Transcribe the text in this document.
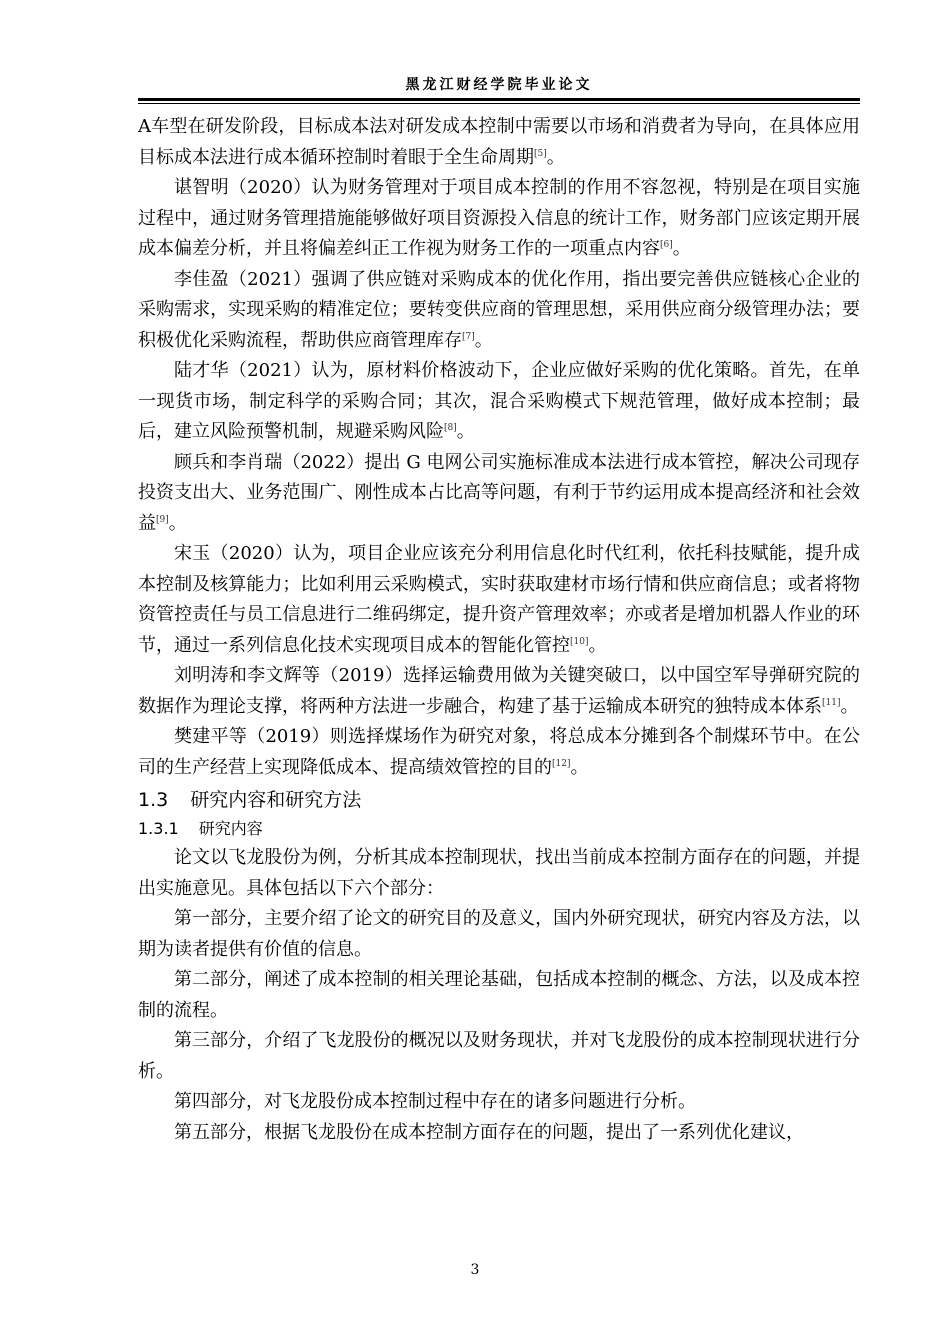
黑龙江财经学院毕业论文

A车型在研发阶段，目标成本法对研发成本控制中需要以市场和消费者为导向，在具体应用目标成本法进行成本循环控制时着眼于全生命周期[5]。

谌智明（2020）认为财务管理对于项目成本控制的作用不容忽视，特别是在项目实施过程中，通过财务管理措施能够做好项目资源投入信息的统计工作，财务部门应该定期开展成本偏差分析，并且将偏差纠正工作视为财务工作的一项重点内容[6]。

李佳盈（2021）强调了供应链对采购成本的优化作用，指出要完善供应链核心企业的采购需求，实现采购的精准定位；要转变供应商的管理思想，采用供应商分级管理办法；要积极优化采购流程，帮助供应商管理库存[7]。

陆才华（2021）认为，原材料价格波动下，企业应做好采购的优化策略。首先，在单一现货市场，制定科学的采购合同；其次，混合采购模式下规范管理，做好成本控制；最后，建立风险预警机制，规避采购风险[8]。

顾兵和李肖瑞（2022）提出 G 电网公司实施标准成本法进行成本管控，解决公司现存 投资支出大、业务范围广、刚性成本占比高等问题，有利于节约运用成本提高经济和社会效益[9]。

宋玉（2020）认为，项目企业应该充分利用信息化时代红利，依托科技赋能，提升成本控制及核算能力；比如利用云采购模式，实时获取建材市场行情和供应商信息；或者将物资管控责任与员工信息进行二维码绑定，提升资产管理效率；亦或者是增加机器人作业的环节，通过一系列信息化技术实现项目成本的智能化管控[10]。

刘明涛和李文辉等（2019）选择运输费用做为关键突破口，以中国空军导弹研究院的数据作为理论支撑，将两种方法进一步融合，构建了基于运输成本研究的独特成本体系[11]。

樊建平等（2019）则选择煤场作为研究对象，将总成本分摊到各个制煤环节中。在公司的生产经营上实现降低成本、提高绩效管控的目的[12]。

1.3 研究内容和研究方法
1.3.1 研究内容

论文以飞龙股份为例，分析其成本控制现状，找出当前成本控制方面存在的问题，并提出实施意见。具体包括以下六个部分：

第一部分，主要介绍了论文的研究目的及意义，国内外研究现状，研究内容及方法，以期为读者提供有价值的信息。

第二部分，阐述了成本控制的相关理论基础，包括成本控制的概念、方法，以及成本控制的流程。

第三部分，介绍了飞龙股份的概况以及财务现状，并对飞龙股份的成本控制现状进行分析。

第四部分，对飞龙股份成本控制过程中存在的诸多问题进行分析。

第五部分，根据飞龙股份在成本控制方面存在的问题，提出了一系列优化建议，

3
